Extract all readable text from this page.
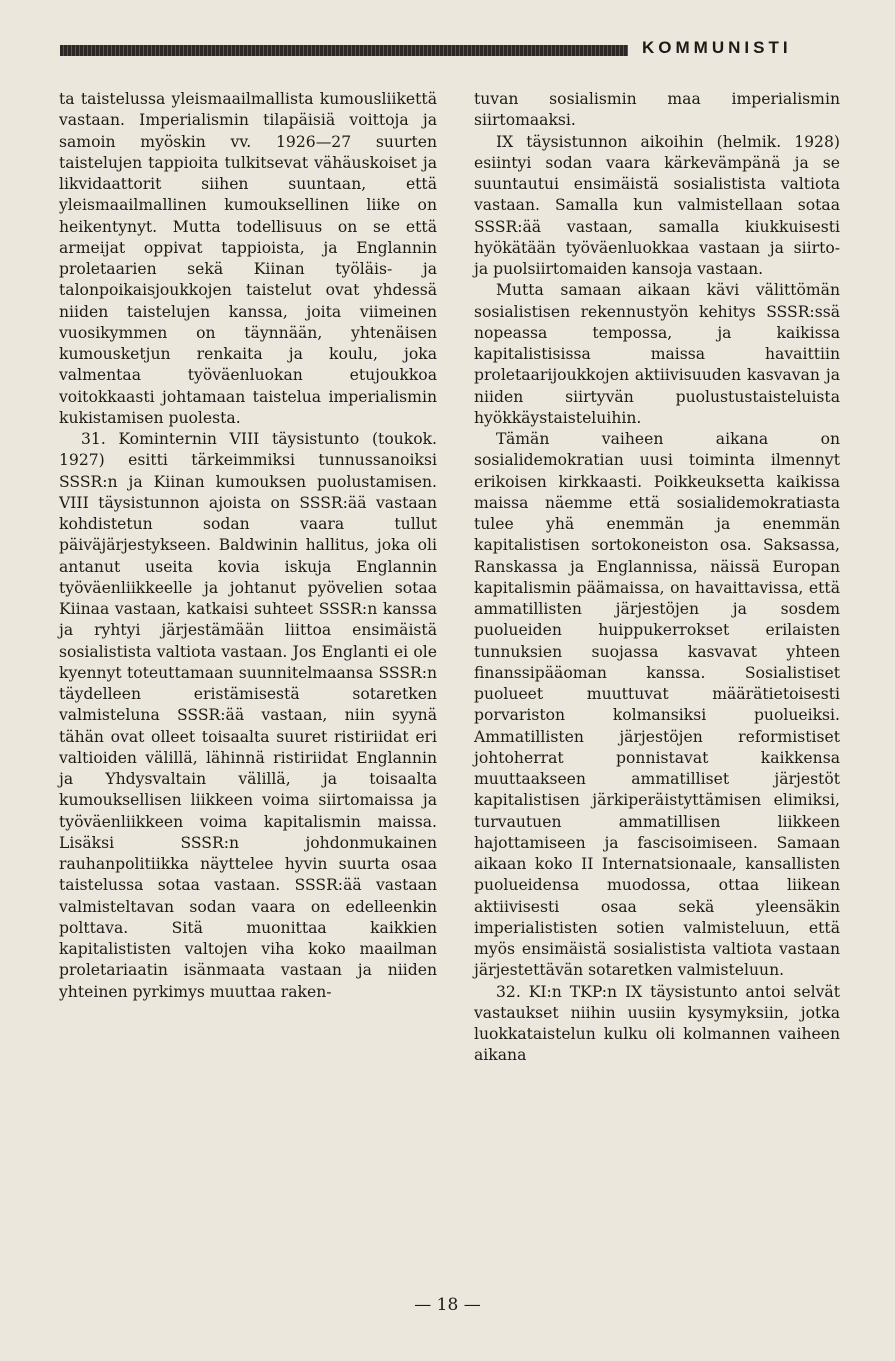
KOMMUNISTI

ta taistelussa yleismaailmallista kumousliikettä vastaan. Imperialismin tilapäisiä voittoja ja samoin myöskin vv. 1926—27 suurten taistelujen tappioita tulkitsevat vähäuskoiset ja likvidaattorit siihen suuntaan, että yleismaailmallinen kumouksellinen liike on heikentynyt. Mutta todellisuus on se että armeijat oppivat tappioista, ja Englannin proletaarien sekä Kiinan työläis- ja talonpoikaisjoukkojen taistelut ovat yhdessä niiden taistelujen kanssa, joita viimeinen vuosikymmen on täynnään, yhtenäisen kumousketjun renkaita ja koulu, joka valmentaa työväenluokan etujoukkoa voitokkaasti johtamaan taistelua imperialismin kukistamisen puolesta.

31. Kominternin VIII täysistunto (toukok. 1927) esitti tärkeimmiksi tunnussanoiksi SSSR:n ja Kiinan kumouksen puolustamisen. VIII täysistunnon ajoista on SSSR:ää vastaan kohdistetun sodan vaara tullut päiväjärjestykseen. Baldwinin hallitus, joka oli antanut useita kovia iskuja Englannin työväenliikkeelle ja johtanut pyövelien sotaa Kiinaa vastaan, katkaisi suhteet SSSR:n kanssa ja ryhtyi järjestämään liittoa ensimäistä sosialistista valtiota vastaan. Jos Englanti ei ole kyennyt toteuttamaan suunnitelmaansa SSSR:n täydelleen eristämisestä sotaretken valmisteluna SSSR:ää vastaan, niin syynä tähän ovat olleet toisaalta suuret ristiriidat eri valtioiden välillä, lähinnä ristiriidat Englannin ja Yhdysvaltain välillä, ja toisaalta kumouksellisen liikkeen voima siirtomaissa ja työväenliikkeen voima kapitalismin maissa. Lisäksi SSSR:n johdonmukainen rauhanpolitiikka näyttelee hyvin suurta osaa taistelussa sotaa vastaan. SSSR:ää vastaan valmisteltavan sodan vaara on edelleenkin polttava. Sitä muonittaa kaikkien kapitalististen valtojen viha koko maailman proletariaatin isänmaata vastaan ja niiden yhteinen pyrkimys muuttaa raken-

tuvan sosialismin maa imperialismin siirtomaaksi.

IX täysistunnon aikoihin (helmik. 1928) esiintyi sodan vaara kärkevämpänä ja se suuntautui ensimäistä sosialistista valtiota vastaan. Samalla kun valmistellaan sotaa SSSR:ää vastaan, samalla kiukkuisesti hyökätään työväenluokkaa vastaan ja siirto- ja puolsiirtomaiden kansoja vastaan.

Mutta samaan aikaan kävi välittömän sosialistisen rekennustyön kehitys SSSR:ssä nopeassa tempossa, ja kaikissa kapitalistisissa maissa havaittiin proletaarijoukkojen aktiivisuuden kasvavan ja niiden siirtyvän puolustustaisteluista hyökkäystaisteluihin.

Tämän vaiheen aikana on sosialidemokratian uusi toiminta ilmennyt erikoisen kirkkaasti. Poikkeuksetta kaikissa maissa näemme että sosialidemokratiasta tulee yhä enemmän ja enemmän kapitalistisen sortokoneiston osa. Saksassa, Ranskassa ja Englannissa, näissä Europan kapitalismin päämaissa, on havaittavissa, että ammatillisten järjestöjen ja sosdem puolueiden huippukerrokset erilaisten tunnuksien suojassa kasvavat yhteen finanssipääoman kanssa. Sosialistiset puolueet muuttuvat määrätietoisesti porvariston kolmansiksi puolueiksi. Ammatillisten järjestöjen reformistiset johtoherrat ponnistavat kaikkensa muuttaakseen ammatilliset järjestöt kapitalistisen järkiperäistyttämisen elimiksi, turvautuen ammatillisen liikkeen hajottamiseen ja fascisoimiseen. Samaan aikaan koko II Internatsionaale, kansallisten puolueidensa muodossa, ottaa liikean aktiivisesti osaa sekä yleensäkin imperialististen sotien valmisteluun, että myös ensimäistä sosialistista valtiota vastaan järjestettävän sotaretken valmisteluun.

32. KI:n TKP:n IX täysistunto antoi selvät vastaukset niihin uusiin kysymyksiin, jotka luokkataistelun kulku oli kolmannen vaiheen aikana

— 18 —
